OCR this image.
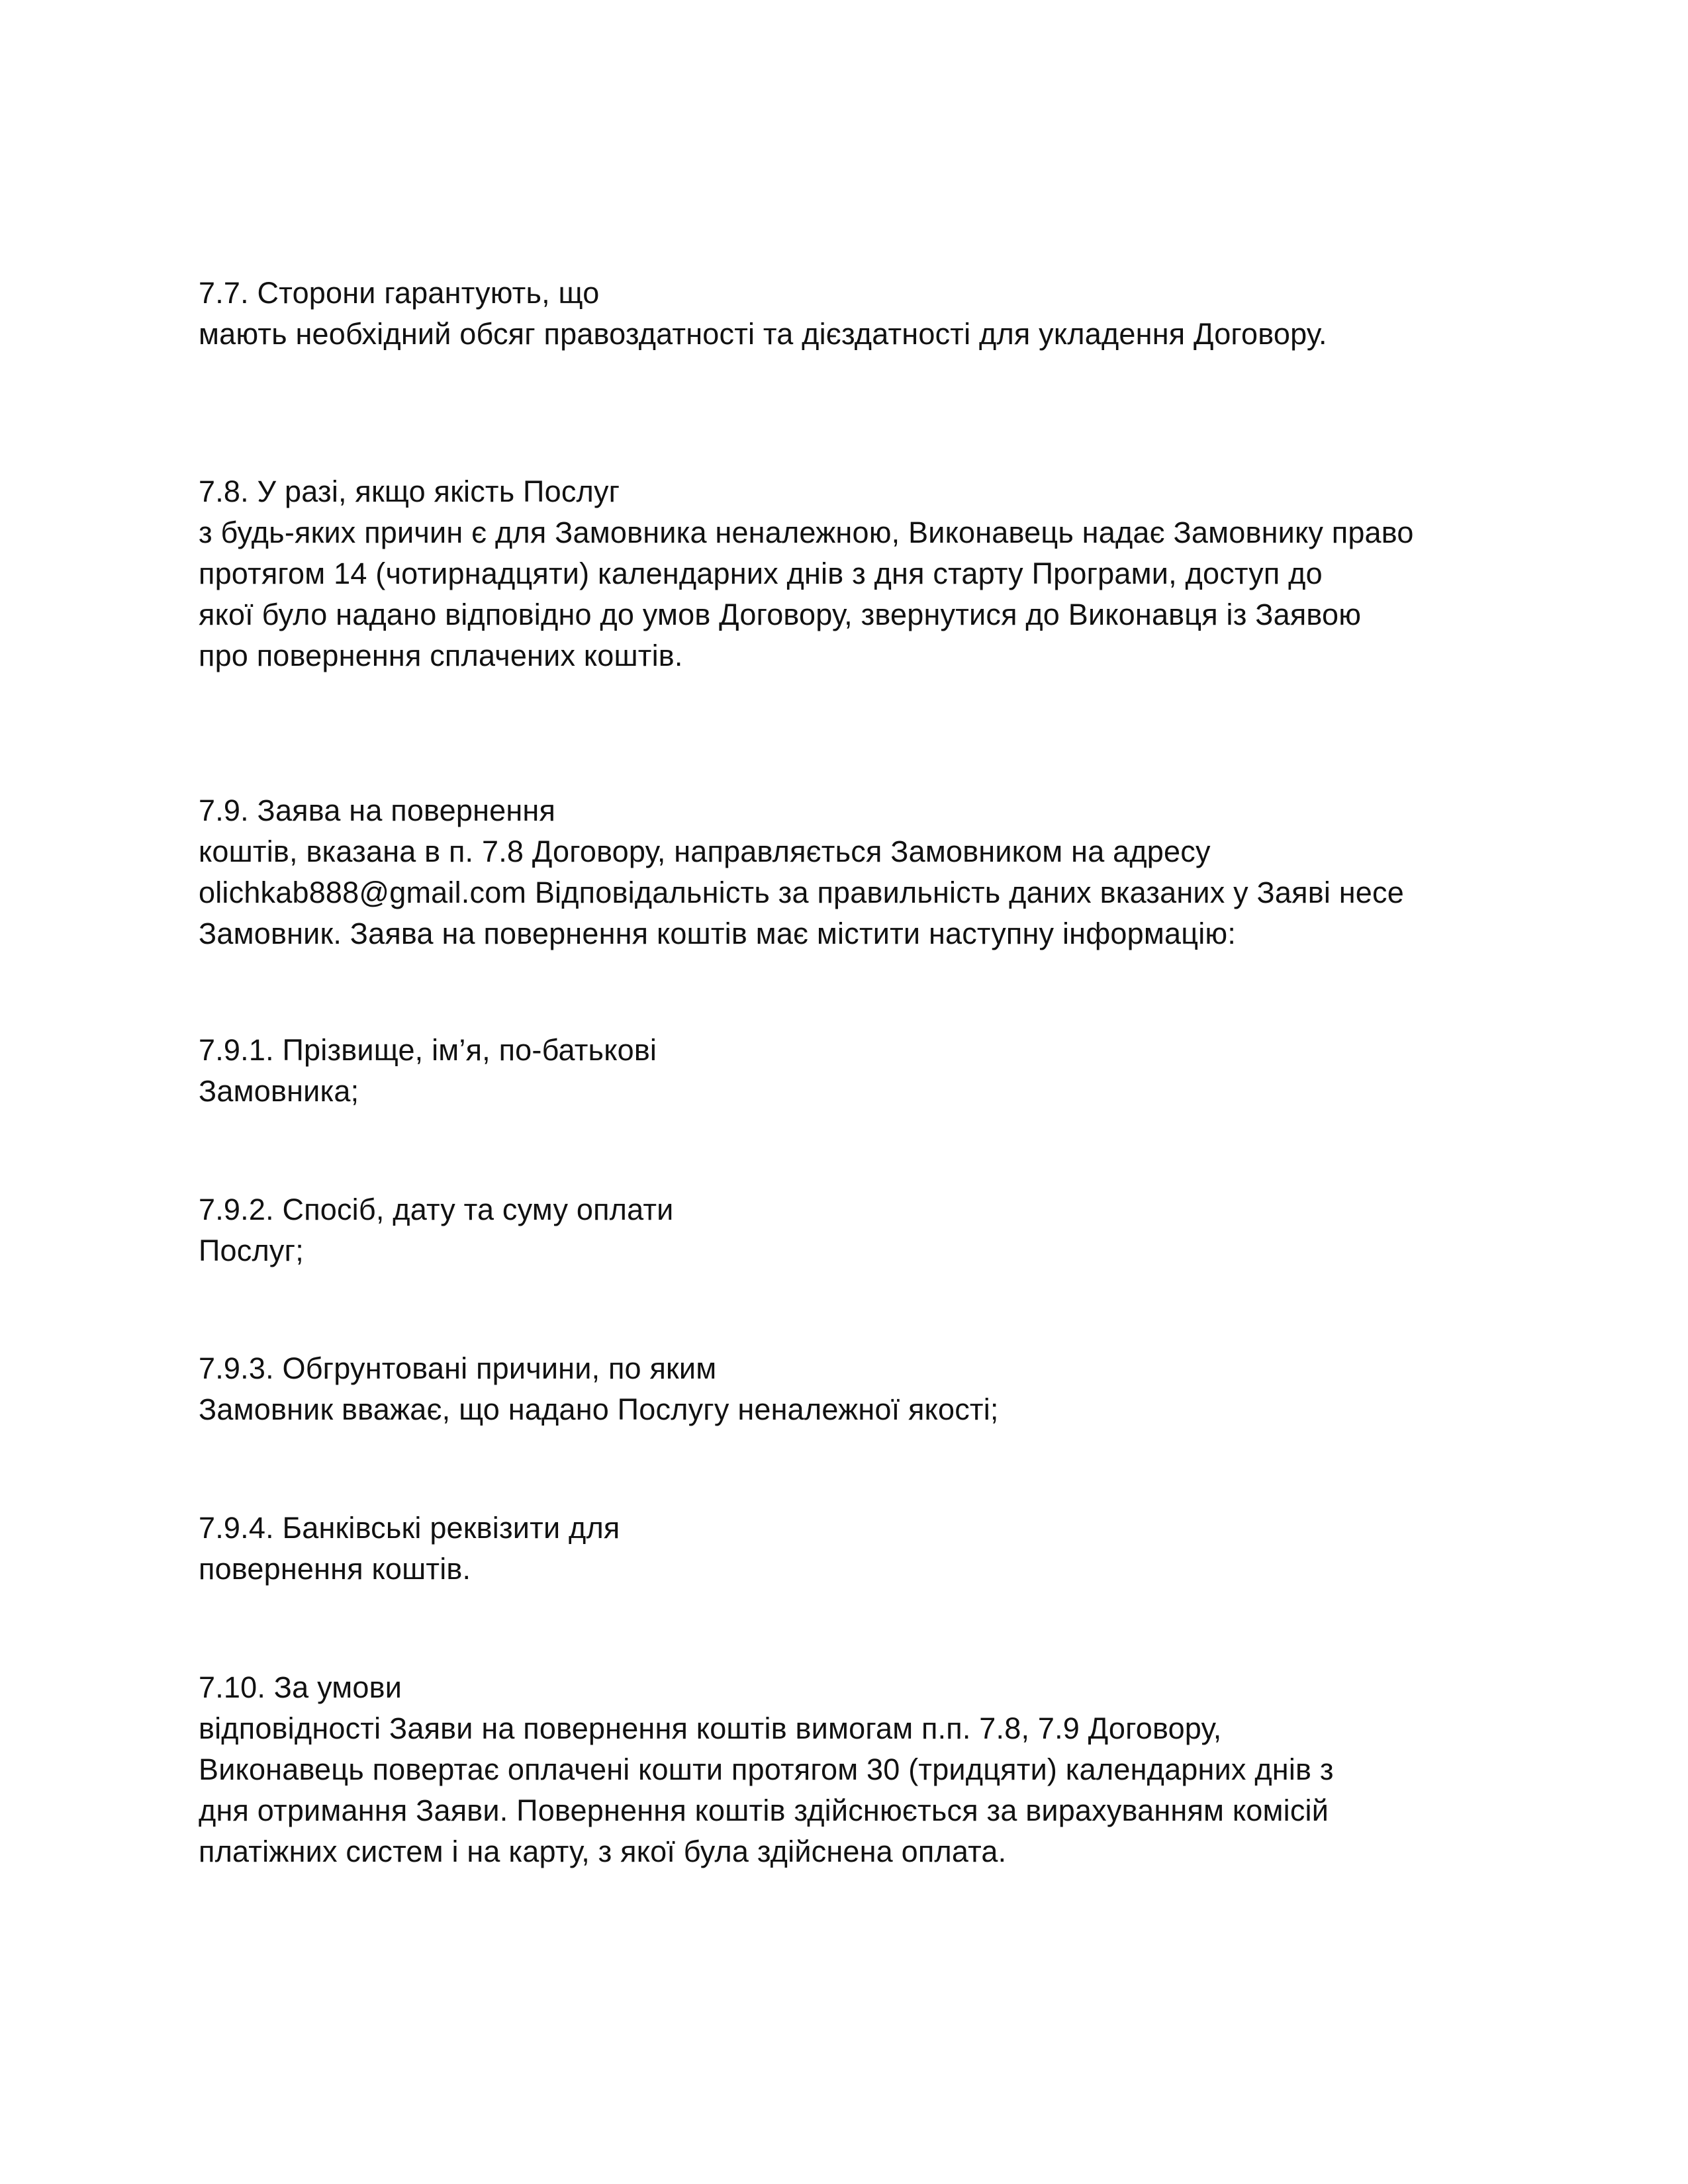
7.7. Сторони гарантують, що
мають необхідний обсяг правоздатності та дієздатності для укладення Договору.
7.8. У разі, якщо якість Послуг
з будь-яких причин є для Замовника неналежною, Виконавець надає Замовнику право
протягом 14 (чотирнадцяти) календарних днів з дня старту Програми, доступ до
якої було надано відповідно до умов Договору, звернутися до Виконавця із Заявою
про повернення сплачених коштів.
7.9. Заява на повернення
коштів, вказана в п. 7.8 Договору, направляється Замовником на адресу
olichkab888@gmail.com Відповідальність за правильність даних вказаних у Заяві несе
Замовник. Заява на повернення коштів має містити наступну інформацію:
7.9.1. Прізвище, ім’я, по-батькові
Замовника;
7.9.2. Спосіб, дату та суму оплати
Послуг;
7.9.3. Обгрунтовані причини, по яким
Замовник вважає, що надано Послугу неналежної якості;
7.9.4. Банківські реквізити для
повернення коштів.
7.10. За умови
відповідності Заяви на повернення коштів вимогам п.п. 7.8, 7.9 Договору,
Виконавець повертає оплачені кошти протягом 30 (тридцяти) календарних днів з
дня отримання Заяви. Повернення коштів здійснюється за вирахуванням комісій
платіжних систем і на карту, з якої була здійснена оплата.
